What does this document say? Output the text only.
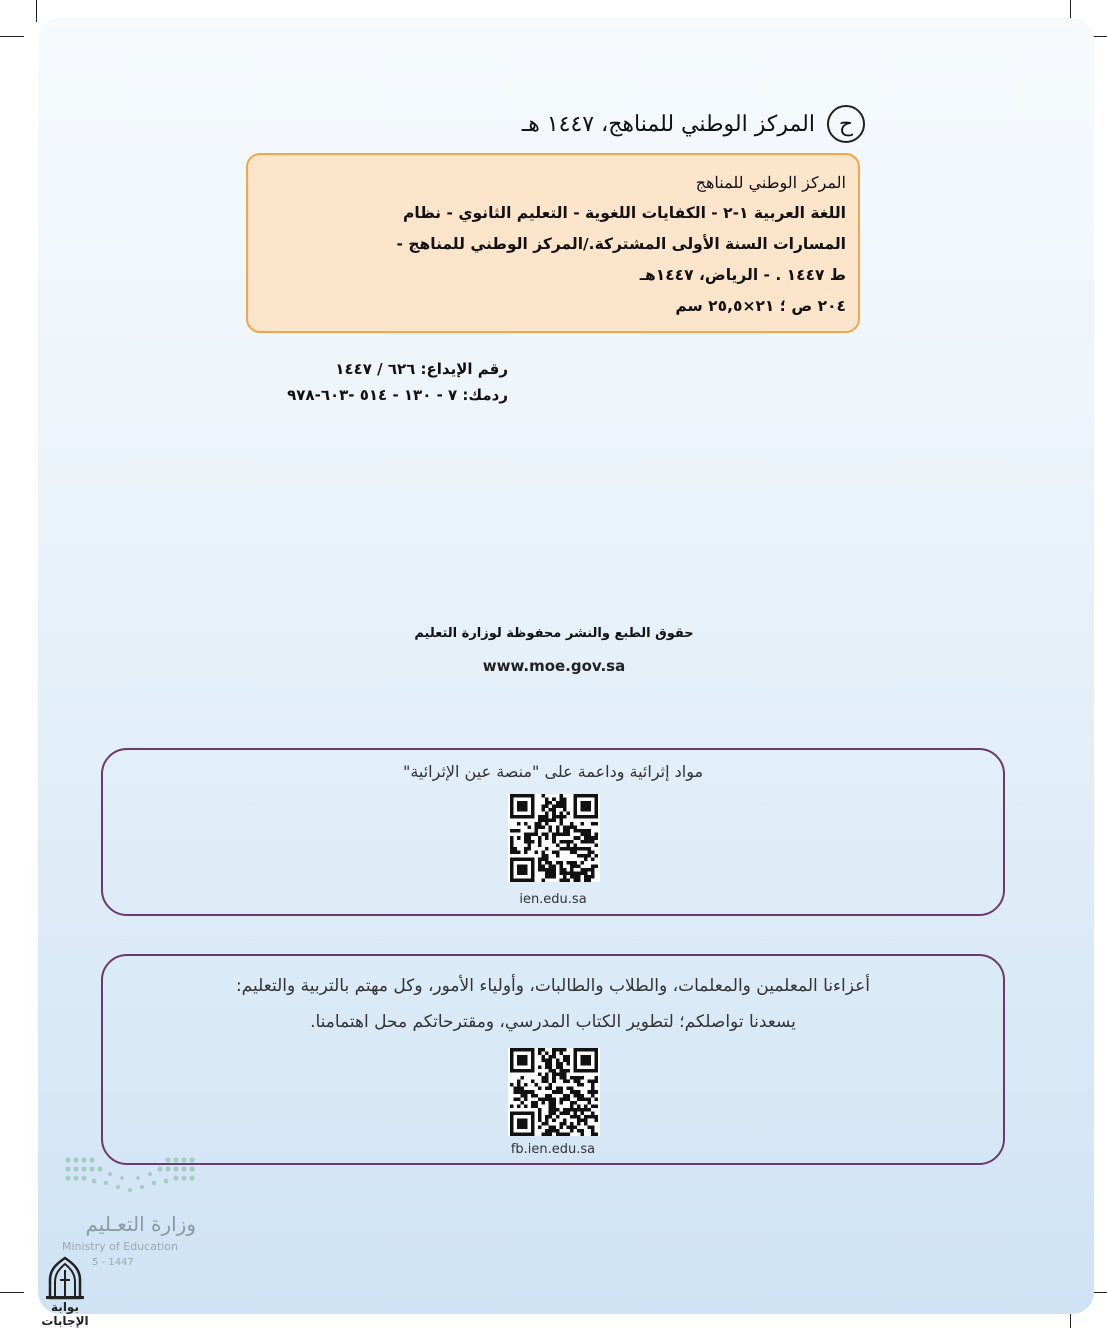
ح
المركز الوطني للمناهج، ١٤٤٧ هـ
المركز الوطني للمناهج
اللغة العربية ١-٢ - الكفايات اللغوية - التعليم الثانوي - نظام
المسارات السنة الأولى المشتركة./المركز الوطني للمناهج -
ط ١٤٤٧ . - الرياض، ١٤٤٧هـ
٢٠٤ ص ؛ ٢١×٢٥,٥ سم
رقم الإيداع: ٦٢٦ / ١٤٤٧
ردمك: ٧ - ١٣٠ - ٥١٤ -٦٠٣-٩٧٨
حقوق الطبع والنشر محفوظة لوزارة التعليم
www.moe.gov.sa
مواد إثرائية وداعمة على "منصة عين الإثرائية"
ien.edu.sa
أعزاءنا المعلمين والمعلمات، والطلاب والطالبات، وأولياء الأمور، وكل مهتم بالتربية والتعليم:
يسعدنا تواصلكم؛ لتطوير الكتاب المدرسي، ومقترحاتكم محل اهتمامنا.
fb.ien.edu.sa
وزارة التعـليم
Ministry of Education
5 - 1447
بوابة الإجابات
